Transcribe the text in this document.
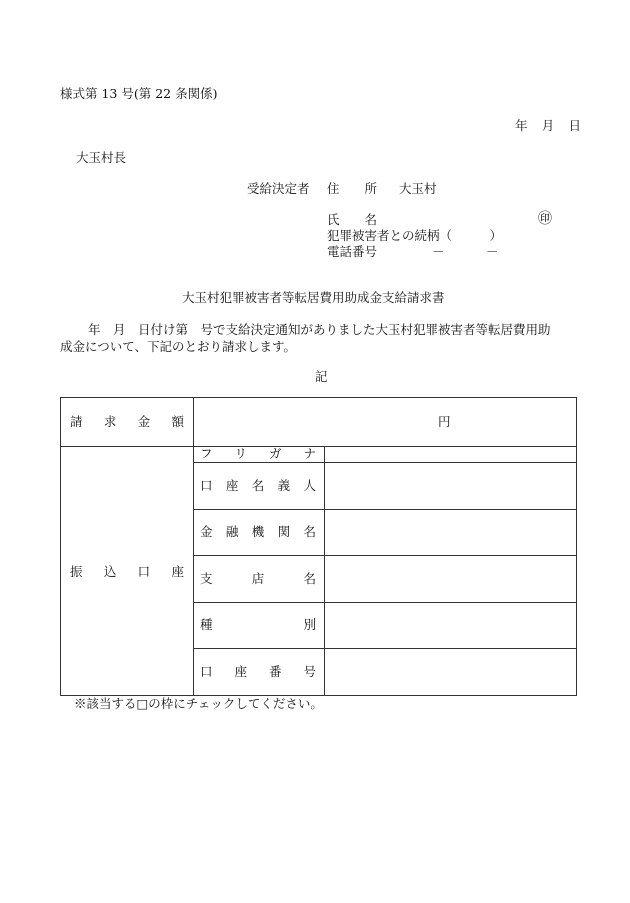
様式第 13 号(第 22 条関係)
年 月 日
大玉村長
受給決定者 住　　所 大玉村
氏　　名	㊞
犯罪被害者との続柄（　　　）
電話番号	－	－
大玉村犯罪被害者等転居費用助成金支給請求書
年　月　日付け第　号で支給決定通知がありました大玉村犯罪被害者等転居費用助
成金について、下記のとおり請求します。
記
請 求 金 額	円
振 込 口 座
フ リ ガ ナ
口 座 名 義 人
金 融 機 関 名
支	店	名
種	別
口 座 番 号
※該当する□の枠にチェックしてください。
